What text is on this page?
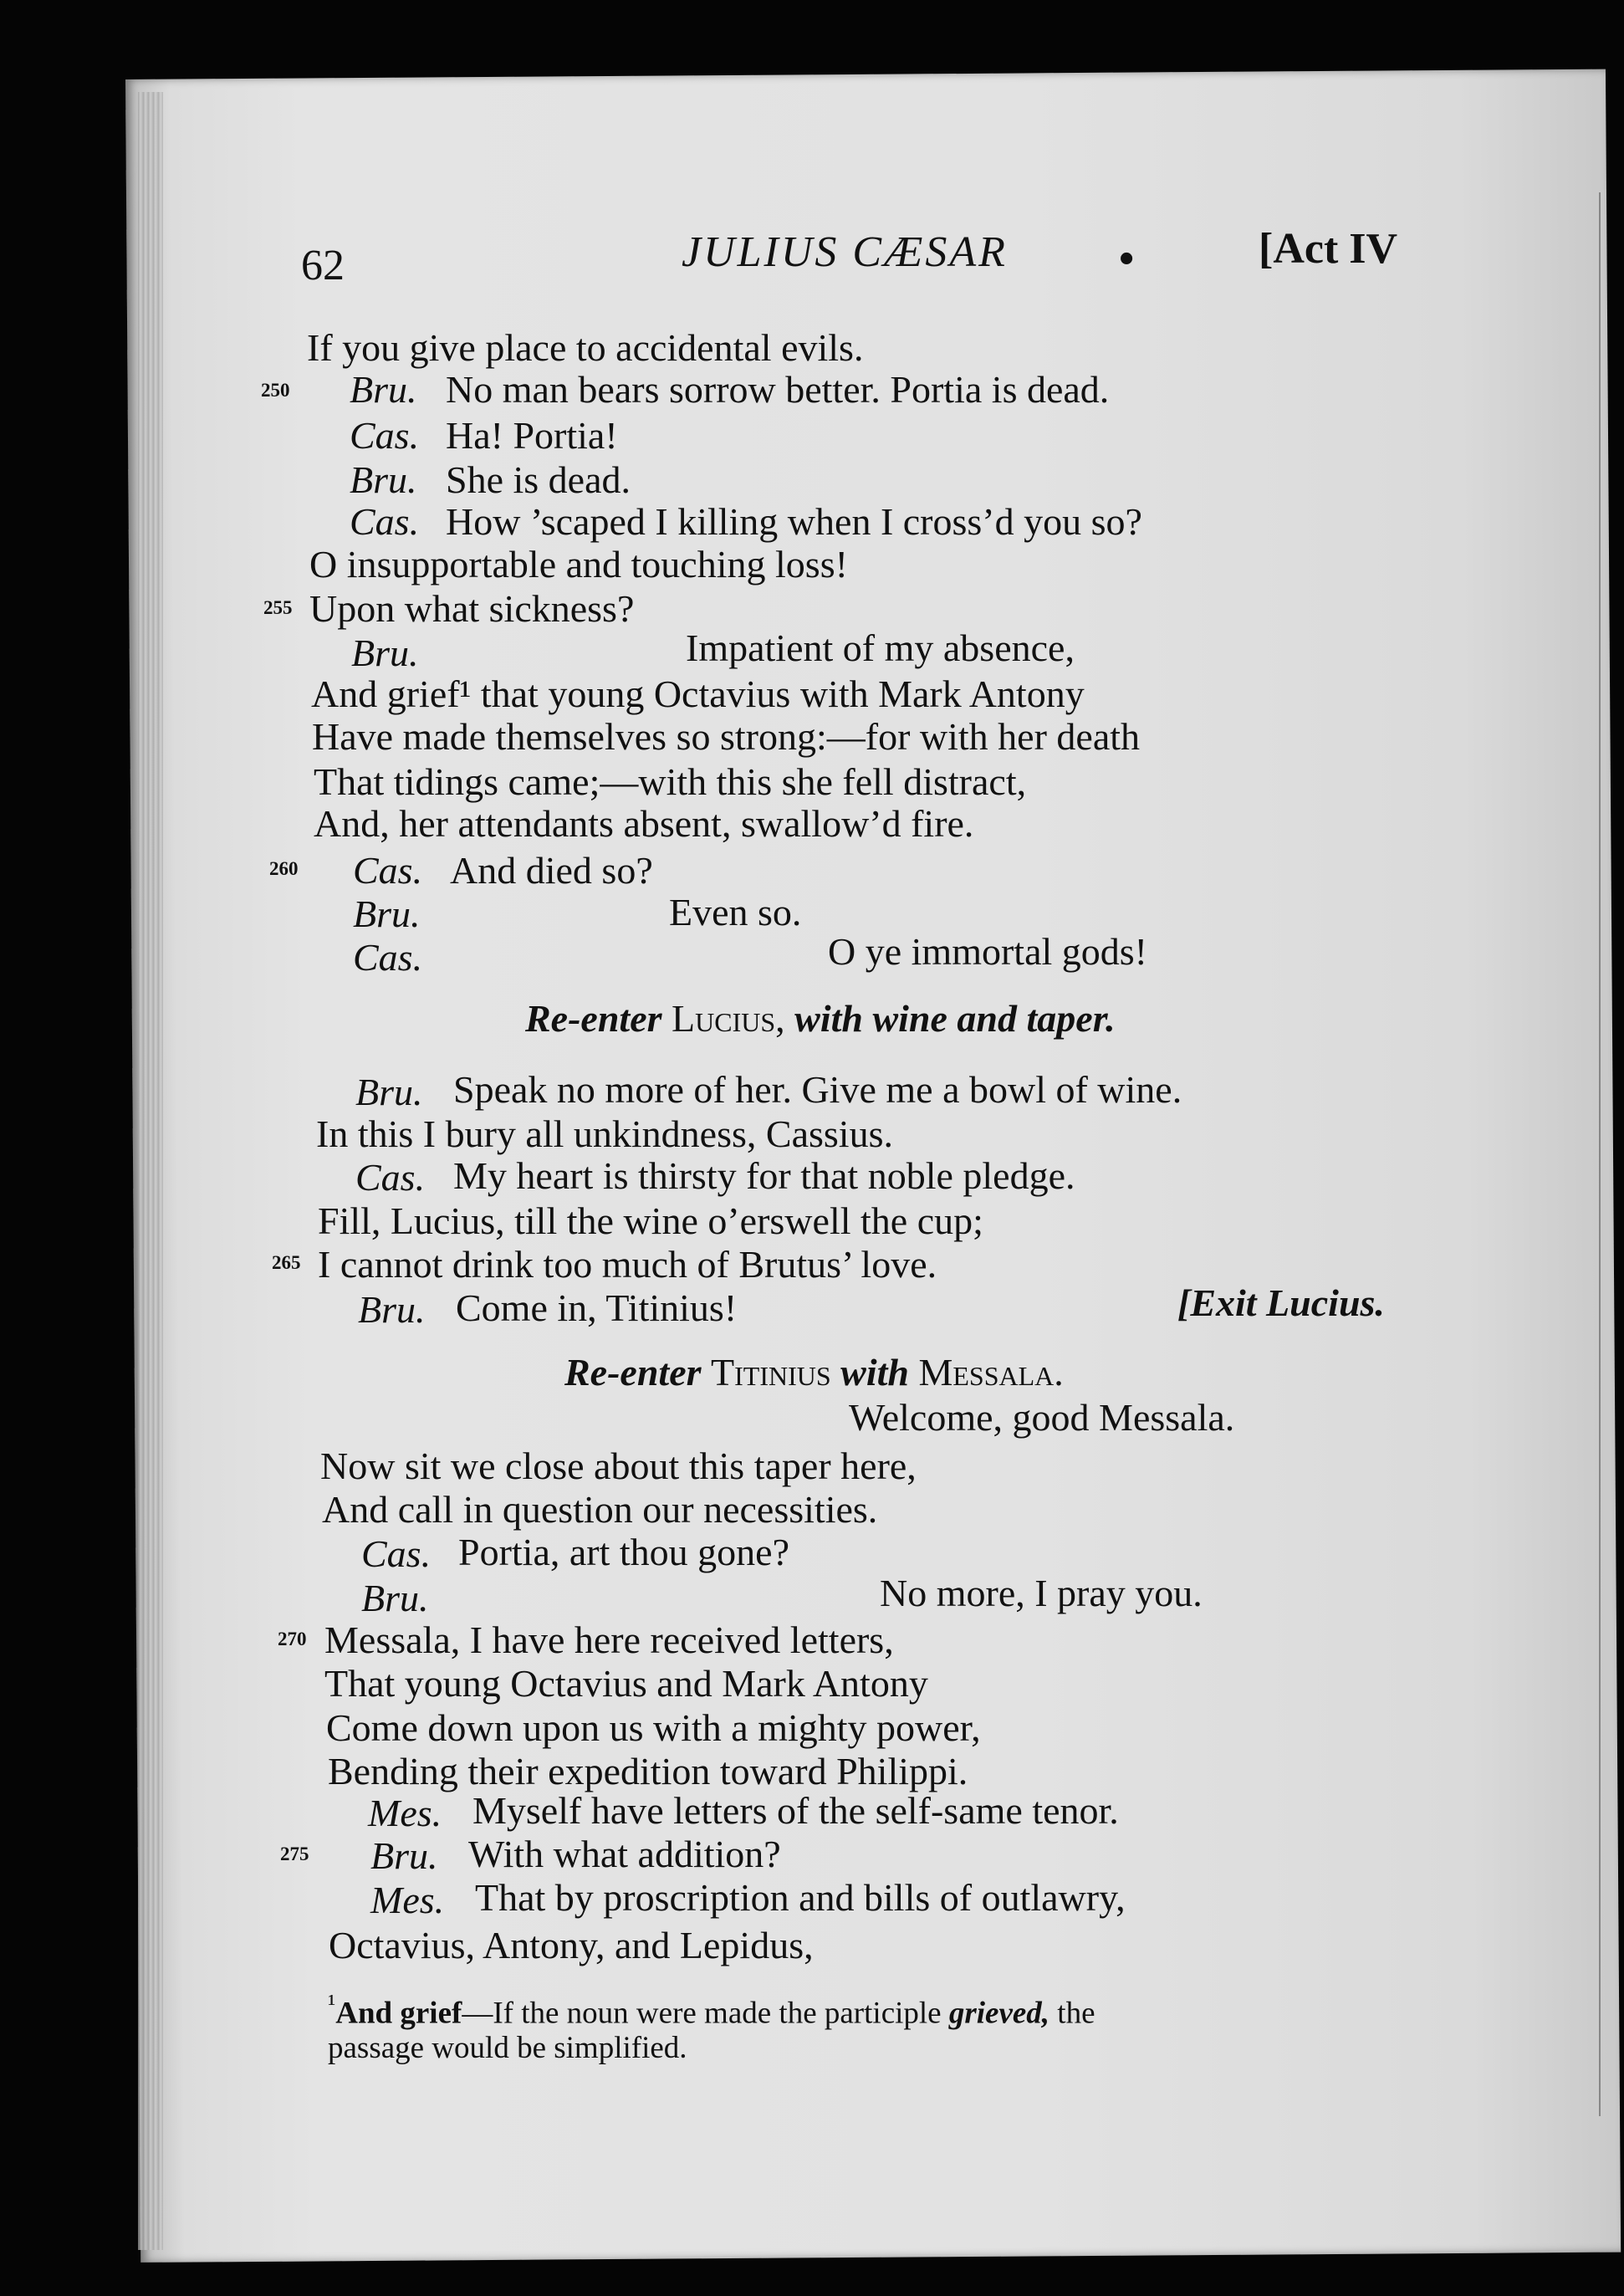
62	JULIUS CÆSAR	•	[Act IV
If you give place to accidental evils.
250 Bru. No man bears sorrow better. Portia is dead.
Cas. Ha! Portia!
Bru. She is dead.
Cas. How ’scaped I killing when I cross’d you so?
O insupportable and touching loss!
255 Upon what sickness?
Bru.	Impatient of my absence,
And grief¹ that young Octavius with Mark Antony
Have made themselves so strong:—for with her death
That tidings came;—with this she fell distract,
And, her attendants absent, swallow’d fire.
260 Cas. And died so?
Bru.	Even so.
Cas.	O ye immortal gods!
Re-enter Lucius, with wine and taper.
Bru. Speak no more of her. Give me a bowl of wine.
In this I bury all unkindness, Cassius.
Cas. My heart is thirsty for that noble pledge.
Fill, Lucius, till the wine o’erswell the cup;
265 I cannot drink too much of Brutus’ love.
Bru. Come in, Titinius!	[Exit Lucius.
Re-enter Titinius with Messala.
Welcome, good Messala.
Now sit we close about this taper here,
And call in question our necessities.
Cas. Portia, art thou gone?
Bru.	No more, I pray you.
270 Messala, I have here received letters,
That young Octavius and Mark Antony
Come down upon us with a mighty power,
Bending their expedition toward Philippi.
Mes. Myself have letters of the self-same tenor.
275 Bru. With what addition?
Mes. That by proscription and bills of outlawry,
Octavius, Antony, and Lepidus,
$^{^1}$And grief—If the noun were made the participle grieved, the
passage would be simplified.
